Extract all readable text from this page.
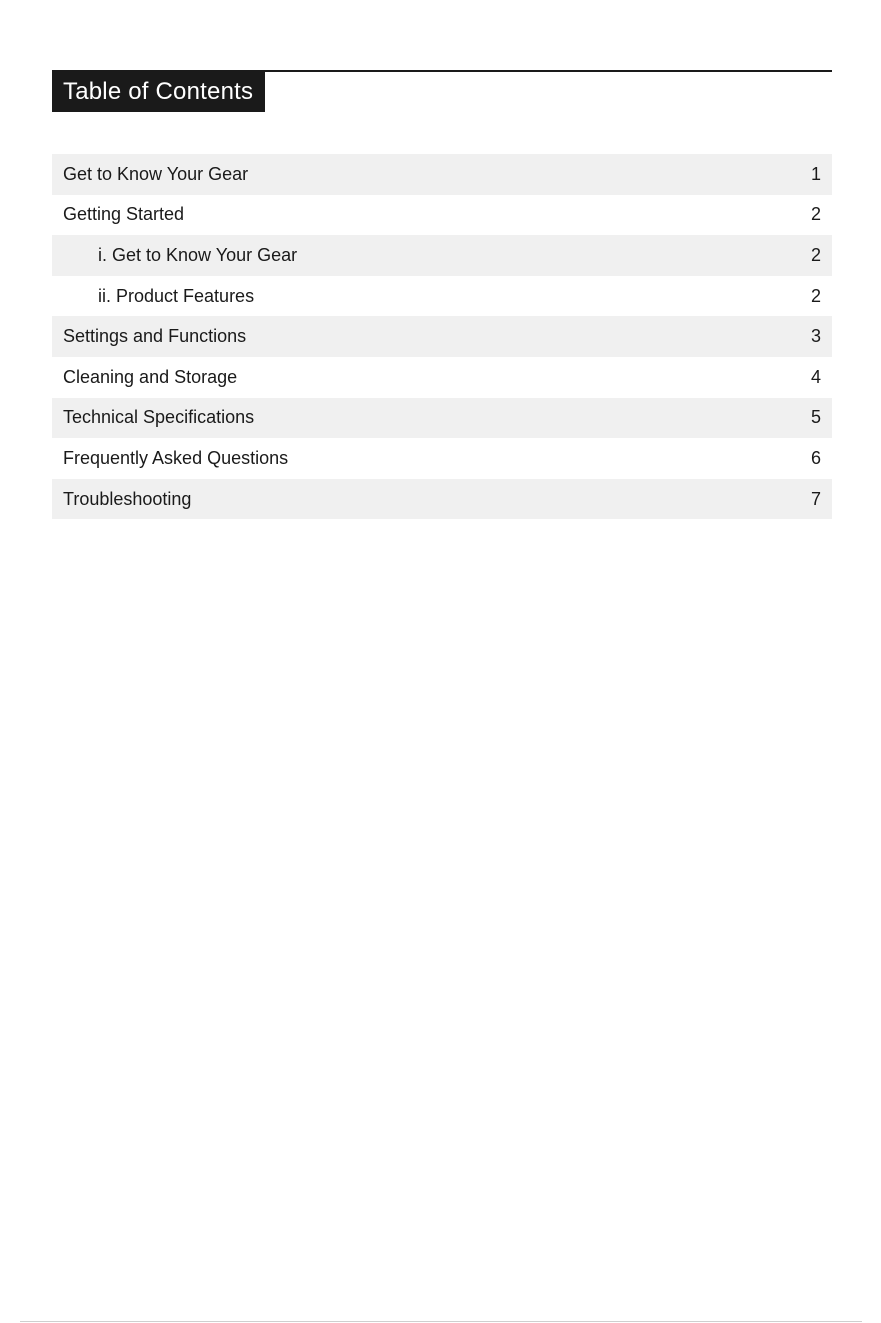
Table of Contents
Get to Know Your Gear	1
Getting Started	2
i. Get to Know Your Gear	2
ii. Product Features	2
Settings and Functions	3
Cleaning and Storage	4
Technical Specifications	5
Frequently Asked Questions	6
Troubleshooting	7
